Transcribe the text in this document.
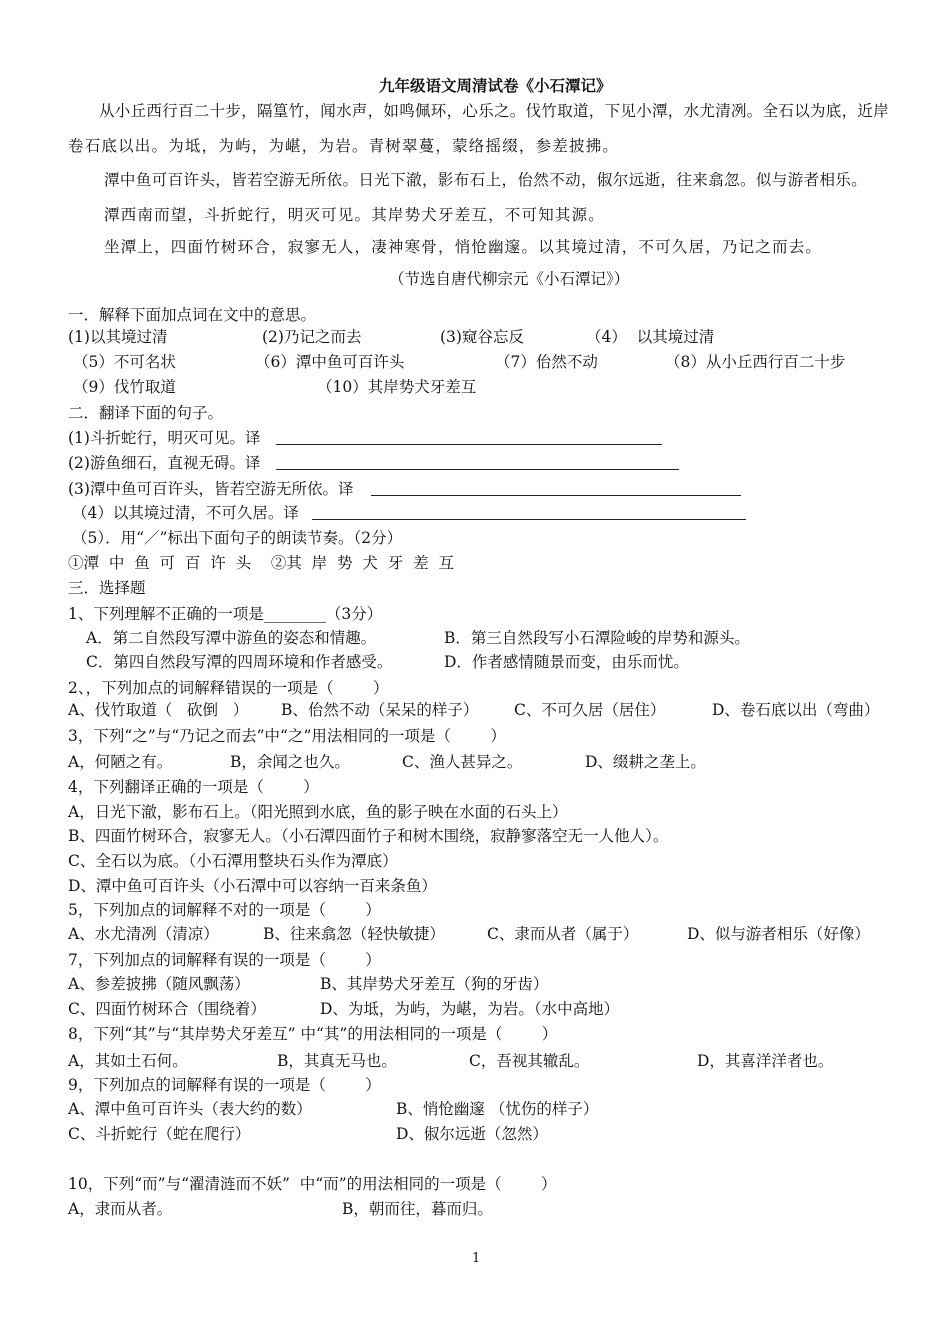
九年级语文周清试卷《小石潭记》
从小丘西行百二十步，隔篁竹，闻水声，如鸣佩环，心乐之。伐竹取道，下见小潭，水尤清冽。全石以为底，近岸
卷石底以出。为坻，为屿，为嵁，为岩。青树翠蔓，蒙络摇缀，参差披拂。
潭中鱼可百许头，皆若空游无所依。日光下澈，影布石上，佁然不动，俶尔远逝，往来翕忽。似与游者相乐。
潭西南而望，斗折蛇行，明灭可见。其岸势犬牙差互，不可知其源。
坐潭上，四面竹树环合，寂寥无人，凄神寒骨，悄怆幽邃。以其境过清，不可久居，乃记之而去。
（节选自唐代柳宗元《小石潭记》）
一．解释下面加点词在文中的意思。
(1)以其境过清	(2)乃记之而去	(3)窥谷忘反	（4）  以其境过清
（5）不可名状	（6）潭中鱼可百许头	（7）佁然不动	（8）从小丘西行百二十步
（9）伐竹取道	（10）其岸势犬牙差互
二．翻译下面的句子。
(1)斗折蛇行，明灭可见。译
(2)游鱼细石，直视无碍。译
(3)潭中鱼可百许头，皆若空游无所依。译
（4）以其境过清，不可久居。译
（5）．用“／”标出下面句子的朗读节奏。（2分）
①潭  中  鱼  可  百  许  头    ②其  岸  势  犬  牙  差  互
三．选择题
1、下列理解不正确的一项是________（3分）
A．第二自然段写潭中游鱼的姿态和情趣。	B．第三自然段写小石潭险峻的岸势和源头。
C．第四自然段写潭的四周环境和作者感受。	D．作者感情随景而变，由乐而忧。
2、，下列加点的词解释错误的一项是（        ）
A、伐竹取道（   砍倒   ） B、佁然不动（呆呆的样子） C、不可久居（居住）	D、卷石底以出（弯曲）
3，下列“之”与“乃记之而去”中“之”用法相同的一项是（        ）
A，何陋之有。	B，余闻之也久。	C、渔人甚异之。	D、缀耕之垄上。
4，下列翻译正确的一项是（        ）
A，日光下澈，影布石上。（阳光照到水底，鱼的影子映在水面的石头上）
B、四面竹树环合，寂寥无人。（小石潭四面竹子和树木围绕，寂静寥落空无一人他人）。
C、全石以为底。（小石潭用整块石头作为潭底）
D、潭中鱼可百许头（小石潭中可以容纳一百来条鱼）
5，下列加点的词解释不对的一项是（        ）
A、水尤清冽（清凉）	B、往来翕忽（轻快敏捷）	C、隶而从者（属于）	D、似与游者相乐（好像）
7，下列加点的词解释有误的一项是（        ）
A、参差披拂（随风飘荡）	B、其岸势犬牙差互（狗的牙齿）
C、四面竹树环合（围绕着）	D、为坻，为屿，为嵁，为岩。（水中高地）
8，下列“其”与“其岸势犬牙差互” 中“其”的用法相同的一项是（        ）
A，其如土石何。	B，其真无马也。	C，吾视其辙乱。	D，其喜洋洋者也。
9，下列加点的词解释有误的一项是（        ）
A、潭中鱼可百许头（表大约的数）	B、悄怆幽邃 （忧伤的样子）
C、斗折蛇行（蛇在爬行）	D、俶尔远逝（忽然）
10，下列“而”与“濯清涟而不妖”  中“而”的用法相同的一项是（        ）
A，隶而从者。	B，朝而往，暮而归。
1
